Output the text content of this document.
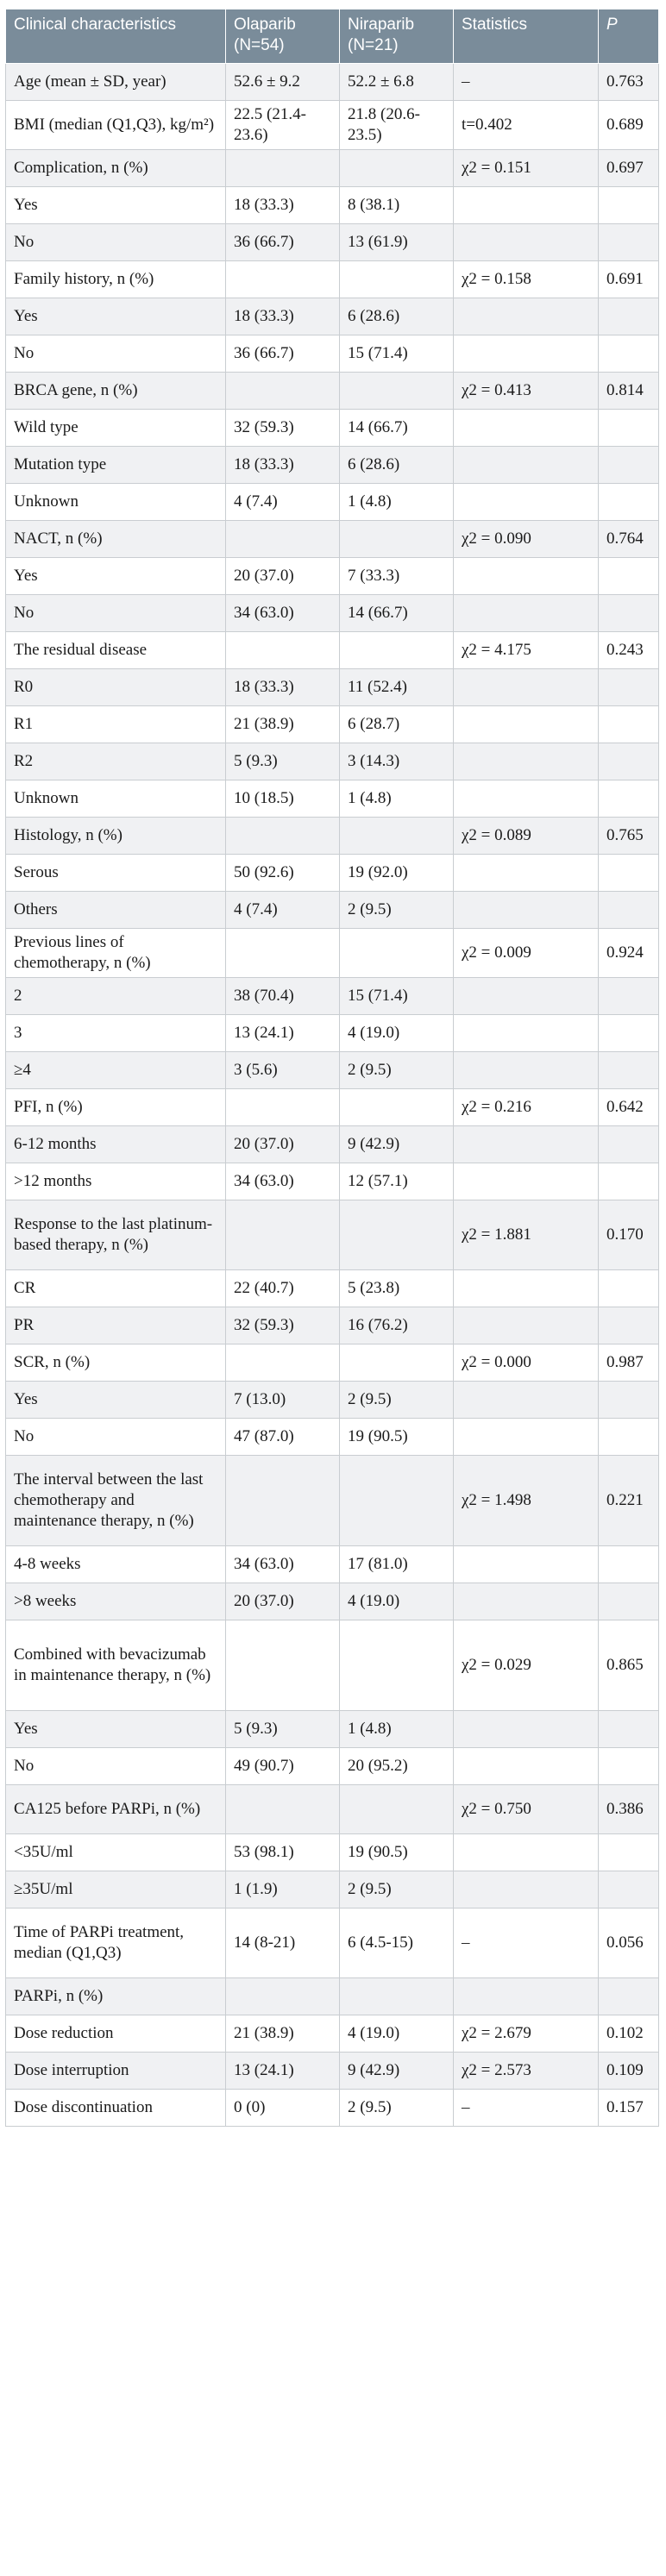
Clinical characteristics	Olaparib (N=54)	Niraparib (N=21)	Statistics	P
Age (mean ± SD, year)	52.6 ± 9.2	52.2 ± 6.8	–	0.763
BMI (median (Q1,Q3), kg/m²)	22.5 (21.4-23.6)	21.8 (20.6-23.5)	t=0.402	0.689
Complication, n (%)			χ2 = 0.151	0.697
Yes	18 (33.3)	8 (38.1)		
No	36 (66.7)	13 (61.9)		
Family history, n (%)			χ2 = 0.158	0.691
Yes	18 (33.3)	6 (28.6)		
No	36 (66.7)	15 (71.4)		
BRCA gene, n (%)			χ2 = 0.413	0.814
Wild type	32 (59.3)	14 (66.7)		
Mutation type	18 (33.3)	6 (28.6)		
Unknown	4 (7.4)	1 (4.8)		
NACT, n (%)			χ2 = 0.090	0.764
Yes	20 (37.0)	7 (33.3)		
No	34 (63.0)	14 (66.7)		
The residual disease			χ2 = 4.175	0.243
R0	18 (33.3)	11 (52.4)		
R1	21 (38.9)	6 (28.7)		
R2	5 (9.3)	3 (14.3)		
Unknown	10 (18.5)	1 (4.8)		
Histology, n (%)			χ2 = 0.089	0.765
Serous	50 (92.6)	19 (92.0)		
Others	4 (7.4)	2 (9.5)		
Previous lines of chemotherapy, n (%)			χ2 = 0.009	0.924
2	38 (70.4)	15 (71.4)		
3	13 (24.1)	4 (19.0)		
≥4	3 (5.6)	2 (9.5)		
PFI, n (%)			χ2 = 0.216	0.642
6-12 months	20 (37.0)	9 (42.9)		
>12 months	34 (63.0)	12 (57.1)		
Response to the last platinum-based therapy, n (%)			χ2 = 1.881	0.170
CR	22 (40.7)	5 (23.8)		
PR	32 (59.3)	16 (76.2)		
SCR, n (%)			χ2 = 0.000	0.987
Yes	7 (13.0)	2 (9.5)		
No	47 (87.0)	19 (90.5)		
The interval between the last chemotherapy and maintenance therapy, n (%)			χ2 = 1.498	0.221
4-8 weeks	34 (63.0)	17 (81.0)		
>8 weeks	20 (37.0)	4 (19.0)		
Combined with bevacizumab in maintenance therapy, n (%)			χ2 = 0.029	0.865
Yes	5 (9.3)	1 (4.8)		
No	49 (90.7)	20 (95.2)		
CA125 before PARPi, n (%)			χ2 = 0.750	0.386
<35U/ml	53 (98.1)	19 (90.5)		
≥35U/ml	1 (1.9)	2 (9.5)		
Time of PARPi treatment, median (Q1,Q3)	14 (8-21)	6 (4.5-15)	–	0.056
PARPi, n (%)				
Dose reduction	21 (38.9)	4 (19.0)	χ2 = 2.679	0.102
Dose interruption	13 (24.1)	9 (42.9)	χ2 = 2.573	0.109
Dose discontinuation	0 (0)	2 (9.5)	–	0.157
